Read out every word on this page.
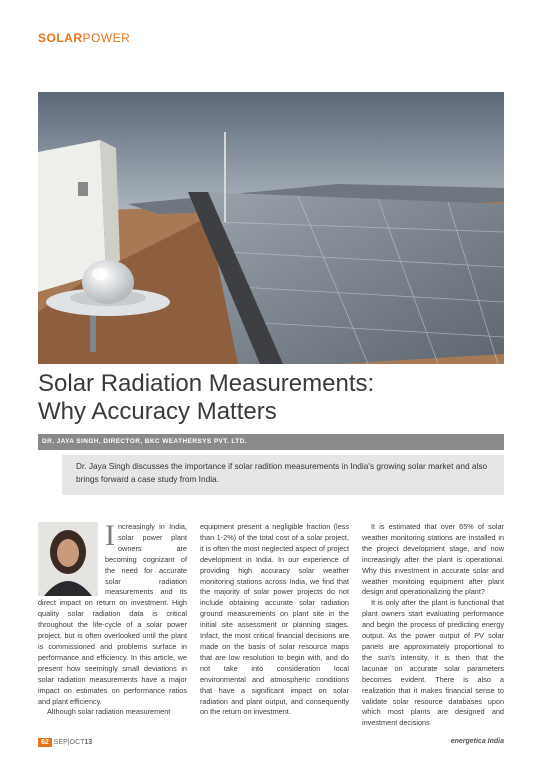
SOLARPOWER
Solar Radiation Measurements:
Why Accuracy Matters
DR. JAYA SINGH, DIRECTOR, BKC WEATHERSYS PVT. LTD.
Dr. Jaya Singh discusses the importance if solar radition measurements in India's growing solar market and also brings forward a case study from India.
I ncreasingly in India, solar power plant owners are becoming cognizant of the need for accurate solar radiation measurements and its direct impact on return on investment. High quality solar radiation data is critical throughout the life-cycle of a solar power project, but is often overlooked until the plant is commissioned and problems surface in performance and efficiency. In this article, we present how seemingly small deviations in solar radiation measurements have a major impact on estimates on performance ratios and plant efficiency.

Although solar radiation measurement

equipment present a negligible fraction (less than 1-2%) of the total cost of a solar project, it is often the most neglected aspect of project development in India. In our experience of providing high accuracy solar weather monitoring stations across India, we find that the majority of solar power projects do not include obtaining accurate solar radiation ground measurements on plant site in the initial site assessment or planning stages. Infact, the most critical financial decisions are made on the basis of solar resource maps that are low resolution to begin with, and do not take into consideration local environmental and atmospheric conditions that have a significant impact on solar radiation and plant output, and consequently on the return on investment.

It is estimated that over 65% of solar weather monitoring stations are installed in the project development stage, and now increasingly after the plant is operational. Why this investment in accurate solar and weather monitoing equipment after plant design and operationalizing the plant?

It is only after the plant is functional that plant owners start evaluating performance and begin the process of predicting energy output. As the power output of PV solar panels are approximately proportional to the sun's intensity, it is then that the lacunae on accurate solar parameters becomes evident. There is also a realization that it makes financial sense to validate solar resource databases upon which most plants are designed and investment decisions

62 SEP|OCT13	energetica India
